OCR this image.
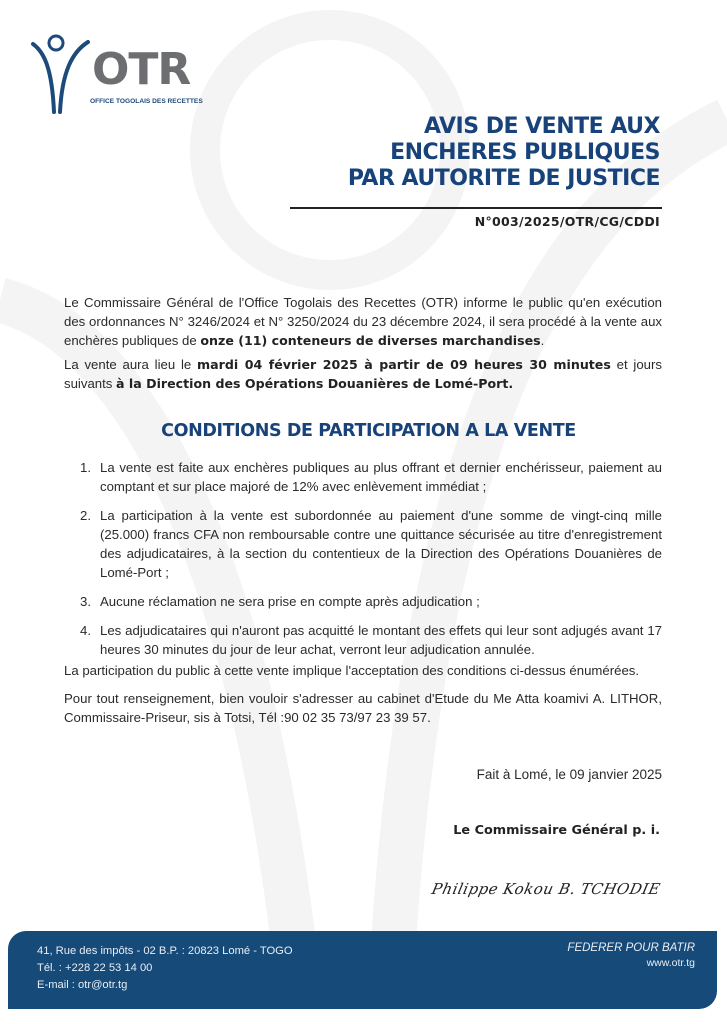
OTR
OFFICE TOGOLAIS DES RECETTES
AVIS DE VENTE AUX
ENCHERES PUBLIQUES
PAR AUTORITE DE JUSTICE
N°003/2025/OTR/CG/CDDI
Le Commissaire Général de l'Office Togolais des Recettes (OTR) informe le public qu'en exécution des ordonnances N° 3246/2024 et N° 3250/2024 du 23 décembre 2024, il sera procédé à la vente aux enchères publiques de onze (11) conteneurs de diverses marchandises.
La vente aura lieu le mardi 04 février 2025 à partir de 09 heures 30 minutes et jours suivants à la Direction des Opérations Douanières de Lomé-Port.
CONDITIONS DE PARTICIPATION A LA VENTE
1. La vente est faite aux enchères publiques au plus offrant et dernier enchérisseur, paiement au comptant et sur place majoré de 12% avec enlèvement immédiat ;
2. La participation à la vente est subordonnée au paiement d'une somme de vingt-cinq mille (25.000) francs CFA non remboursable contre une quittance sécurisée au titre d'enregistrement des adjudicataires, à la section du contentieux de la Direction des Opérations Douanières de Lomé-Port ;
3. Aucune réclamation ne sera prise en compte après adjudication ;
4. Les adjudicataires qui n'auront pas acquitté le montant des effets qui leur sont adjugés avant 17 heures 30 minutes du jour de leur achat, verront leur adjudication annulée.
La participation du public à cette vente implique l'acceptation des conditions ci-dessus énumérées.
Pour tout renseignement, bien vouloir s'adresser au cabinet d'Etude du Me Atta koamivi A. LITHOR, Commissaire-Priseur, sis à Totsi, Tél :90 02 35 73/97 23 39 57.
Fait à Lomé, le 09 janvier 2025
Le Commissaire Général p. i.
Philippe Kokou B. TCHODIE
41, Rue des impôts - 02 B.P. : 20823 Lomé - TOGO
Tél. : +228 22 53 14 00
E-mail : otr@otr.tg
FEDERER POUR BATIR
www.otr.tg
